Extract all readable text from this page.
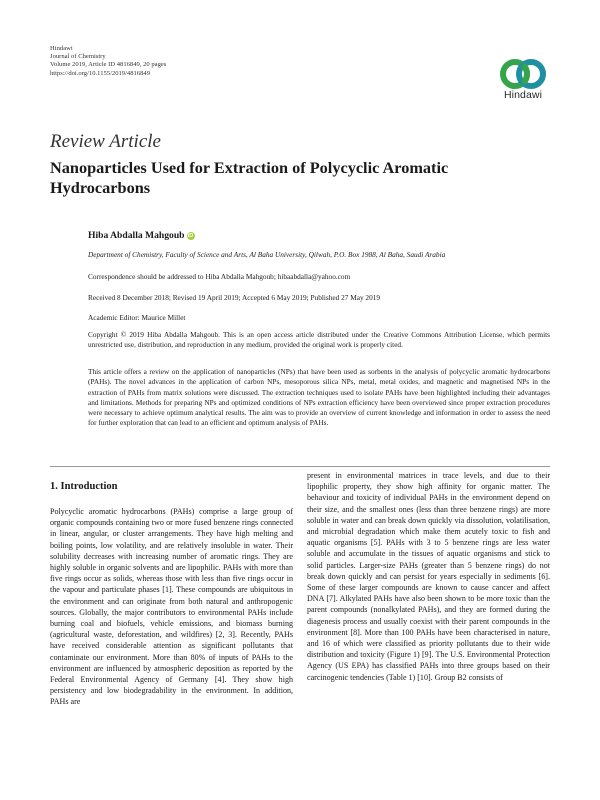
Hindawi
Journal of Chemistry
Volume 2019, Article ID 4816849, 20 pages
https://doi.org/10.1155/2019/4816849
Hindawi
Review Article
Nanoparticles Used for Extraction of Polycyclic Aromatic Hydrocarbons
Hiba Abdalla Mahgoub iD
Department of Chemistry, Faculty of Science and Arts, Al Baha University, Qilwah, P.O. Box 1988, Al Baha, Saudi Arabia
Correspondence should be addressed to Hiba Abdalla Mahgoub; hibaabdalla@yahoo.com
Received 8 December 2018; Revised 19 April 2019; Accepted 6 May 2019; Published 27 May 2019
Academic Editor: Maurice Millet
Copyright © 2019 Hiba Abdalla Mahgoub. This is an open access article distributed under the Creative Commons Attribution License, which permits unrestricted use, distribution, and reproduction in any medium, provided the original work is properly cited.
This article offers a review on the application of nanoparticles (NPs) that have been used as sorbents in the analysis of polycyclic aromatic hydrocarbons (PAHs). The novel advances in the application of carbon NPs, mesoporous silica NPs, metal, metal oxides, and magnetic and magnetised NPs in the extraction of PAHs from matrix solutions were discussed. The extraction techniques used to isolate PAHs have been highlighted including their advantages and limitations. Methods for preparing NPs and optimized conditions of NPs extraction efficiency have been overviewed since proper extraction procedures were necessary to achieve optimum analytical results. The aim was to provide an overview of current knowledge and information in order to assess the need for further exploration that can lead to an efficient and optimum analysis of PAHs.
1. Introduction

Polycyclic aromatic hydrocarbons (PAHs) comprise a large group of organic compounds containing two or more fused benzene rings connected in linear, angular, or cluster arrangements. They have high melting and boiling points, low volatility, and are relatively insoluble in water. Their solubility decreases with increasing number of aromatic rings. They are highly soluble in organic solvents and are lipophilic. PAHs with more than five rings occur as solids, whereas those with less than five rings occur in the vapour and particulate phases [1]. These compounds are ubiquitous in the environment and can originate from both natural and anthropogenic sources. Globally, the major contributors to environmental PAHs include burning coal and biofuels, vehicle emissions, and biomass burning (agricultural waste, deforestation, and wildfires) [2, 3]. Recently, PAHs have received considerable attention as significant pollutants that contaminate our environment. More than 80% of inputs of PAHs to the environment are influenced by atmospheric deposition as reported by the Federal Environmental Agency of Germany [4]. They show high persistency and low biodegradability in the environment. In addition, PAHs are

present in environmental matrices in trace levels, and due to their lipophilic property, they show high affinity for organic matter. The behaviour and toxicity of individual PAHs in the environment depend on their size, and the smallest ones (less than three benzene rings) are more soluble in water and can break down quickly via dissolution, volatilisation, and microbial degradation which make them acutely toxic to fish and aquatic organisms [5]. PAHs with 3 to 5 benzene rings are less water soluble and accumulate in the tissues of aquatic organisms and stick to solid particles. Larger-size PAHs (greater than 5 benzene rings) do not break down quickly and can persist for years especially in sediments [6]. Some of these larger compounds are known to cause cancer and affect DNA [7]. Alkylated PAHs have also been shown to be more toxic than the parent compounds (nonalkylated PAHs), and they are formed during the diagenesis process and usually coexist with their parent compounds in the environment [8]. More than 100 PAHs have been characterised in nature, and 16 of which were classified as priority pollutants due to their wide distribution and toxicity (Figure 1) [9]. The U.S. Environmental Protection Agency (US EPA) has classified PAHs into three groups based on their carcinogenic tendencies (Table 1) [10]. Group B2 consists of
